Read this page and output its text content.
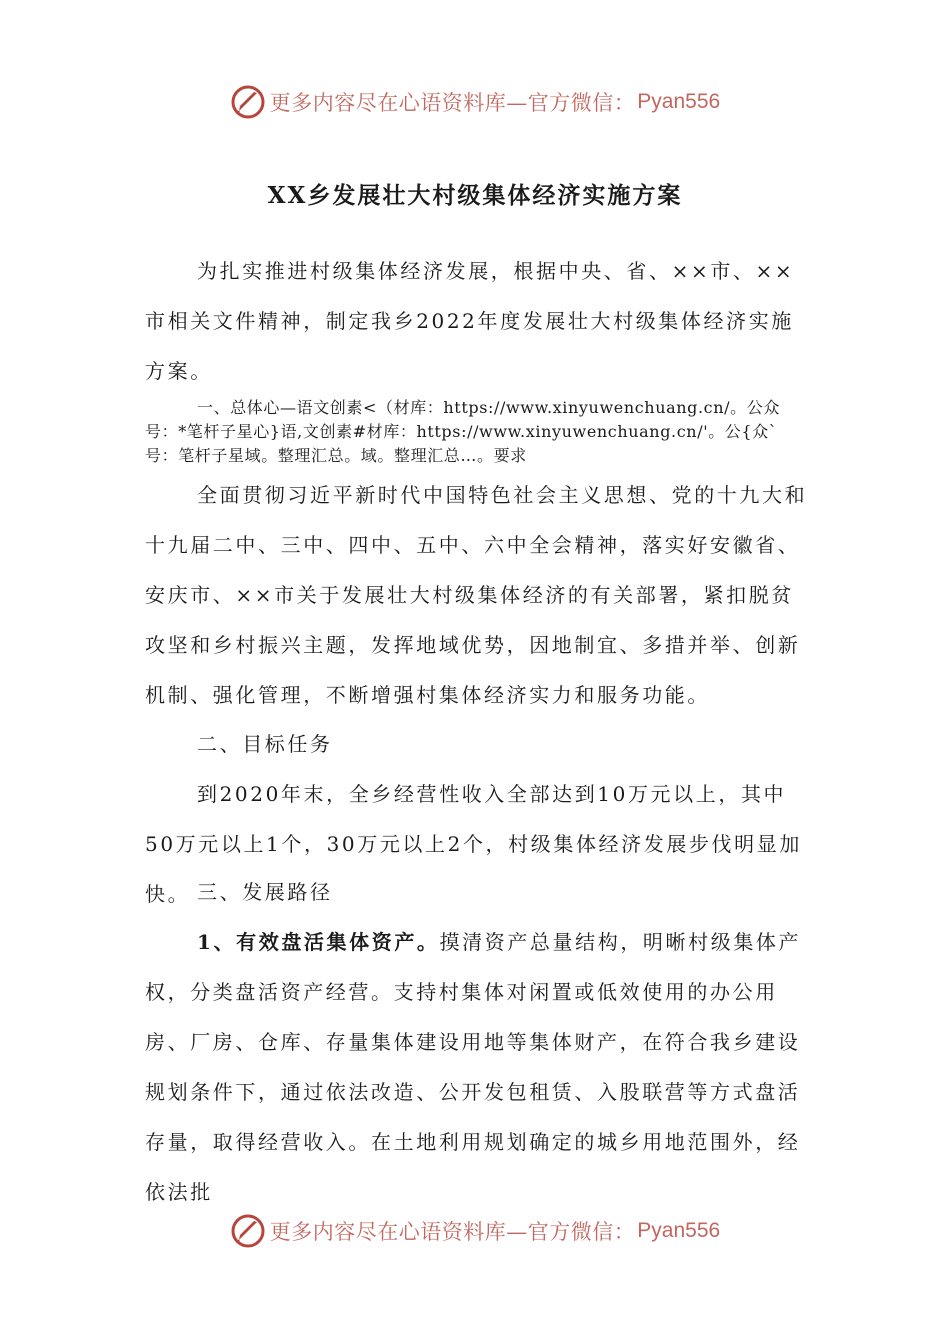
更多内容尽在心语资料库—官方微信： Pyan556
XX乡发展壮大村级集体经济实施方案

为扎实推进村级集体经济发展，根据中央、省、××市、××市相关文件精神，制定我乡2022年度发展壮大村级集体经济实施方案。

一、总体心—语文创素<（材库：https://www.xinyuwenchuang.cn/。公众号：*笔杆子星心}语,文创素#材库：https://www.xinyuwenchuang.cn/'。公{众`号：笔杆子星域。整理汇总。域。整理汇总…。要求

全面贯彻习近平新时代中国特色社会主义思想、党的十九大和十九届二中、三中、四中、五中、六中全会精神，落实好安徽省、安庆市、××市关于发展壮大村级集体经济的有关部署，紧扣脱贫攻坚和乡村振兴主题，发挥地域优势，因地制宜、多措并举、创新机制、强化管理，不断增强村集体经济实力和服务功能。

二、目标任务

到2020年末，全乡经营性收入全部达到10万元以上，其中50万元以上1个，30万元以上2个，村级集体经济发展步伐明显加快。 三、发展路径

1、有效盘活集体资产。摸清资产总量结构，明晰村级集体产权，分类盘活资产经营。支持村集体对闲置或低效使用的办公用房、厂房、仓库、存量集体建设用地等集体财产，在符合我乡建设规划条件下，通过依法改造、公开发包租赁、入股联营等方式盘活存量，取得经营收入。在土地利用规划确定的城乡用地范围外，经依法批

更多内容尽在心语资料库—官方微信： Pyan556
